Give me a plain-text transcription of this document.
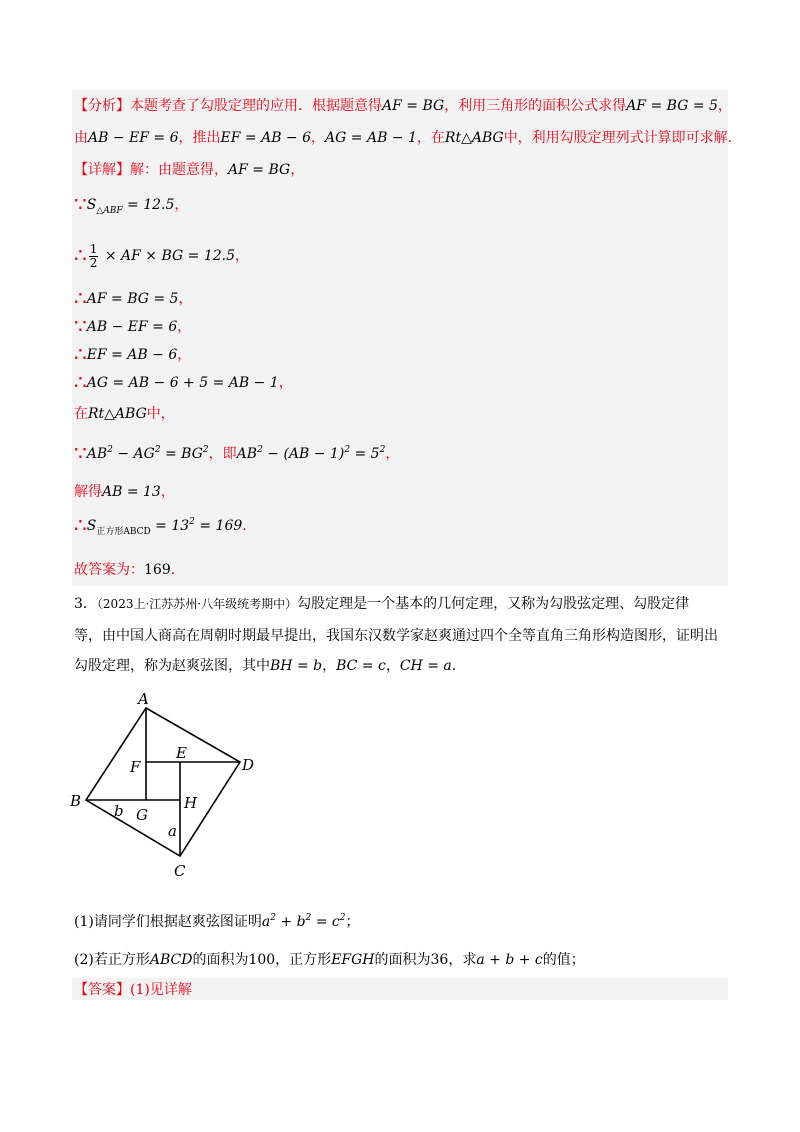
【分析】本题考查了勾股定理的应用．根据题意得AF = BG，利用三角形的面积公式求得AF = BG = 5，
由AB − EF = 6，推出EF = AB − 6，AG = AB − 1，在Rt△ABG中，利用勾股定理列式计算即可求解．
【详解】解：由题意得，AF = BG，
$\because S_{\triangle ABF} = 12.5$，
∴ $\frac{1}{2}$ × AF × BG = 12.5，
∴AF = BG = 5，
∵AB − EF = 6，
∴EF = AB − 6，
∴AG = AB − 6 + 5 = AB − 1，
在Rt△ABG中，
$\because AB^2 - AG^2 = BG^2$，即$AB^2 - (AB - 1)^2 = 5^2$，
解得AB = 13，
$\therefore S_{正方形ABCD} = 13^2 = 169$．
故答案为：169．
3．（2023上·江苏苏州·八年级统考期中）勾股定理是一个基本的几何定理，又称为勾股弦定理、勾股定律
等，由中国人商高在周朝时期最早提出，我国东汉数学家赵爽通过四个全等直角三角形构造图形，证明出
勾股定理，称为赵爽弦图，其中BH = b，BC = c，CH = a．
A
B
C
D
E
F
G
H
a
b
(1)请同学们根据赵爽弦图证明$a^2 + b^2 = c^2$；
(2)若正方形ABCD的面积为100，正方形EFGH的面积为36，求a + b + c的值；
【答案】(1)见详解
